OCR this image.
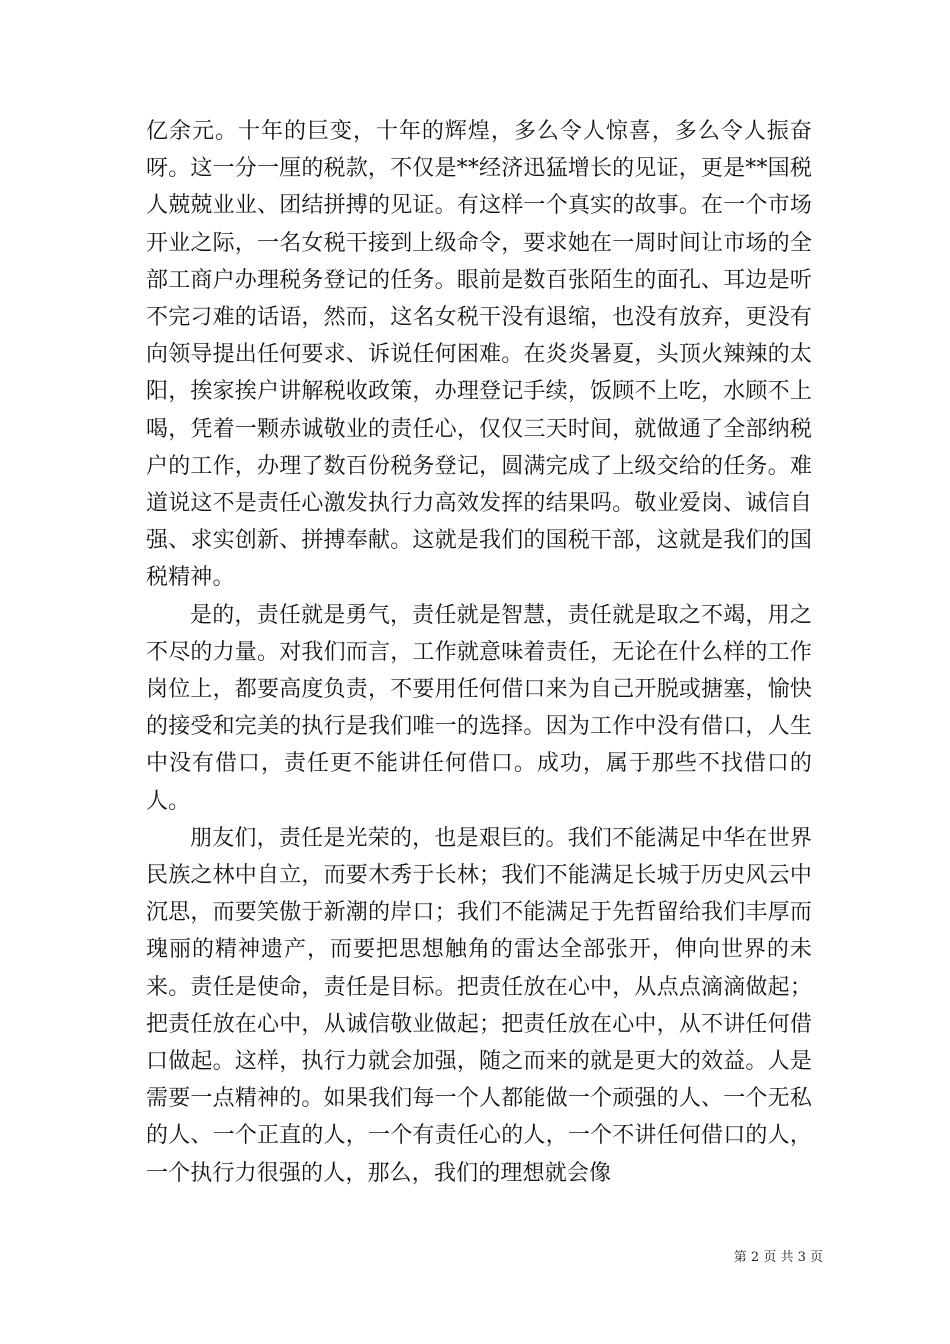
亿余元。十年的巨变，十年的辉煌，多么令人惊喜，多么令人振奋呀。这一分一厘的税款，不仅是**经济迅猛增长的见证，更是**国税人兢兢业业、团结拼搏的见证。有这样一个真实的故事。在一个市场开业之际，一名女税干接到上级命令，要求她在一周时间让市场的全部工商户办理税务登记的任务。眼前是数百张陌生的面孔、耳边是听不完刁难的话语，然而，这名女税干没有退缩，也没有放弃，更没有向领导提出任何要求、诉说任何困难。在炎炎暑夏，头顶火辣辣的太阳，挨家挨户讲解税收政策，办理登记手续，饭顾不上吃，水顾不上喝，凭着一颗赤诚敬业的责任心，仅仅三天时间，就做通了全部纳税户的工作，办理了数百份税务登记，圆满完成了上级交给的任务。难道说这不是责任心激发执行力高效发挥的结果吗。敬业爱岗、诚信自强、求实创新、拼搏奉献。这就是我们的国税干部，这就是我们的国税精神。

是的，责任就是勇气，责任就是智慧，责任就是取之不竭，用之不尽的力量。对我们而言，工作就意味着责任，无论在什么样的工作岗位上，都要高度负责，不要用任何借口来为自己开脱或搪塞，愉快的接受和完美的执行是我们唯一的选择。因为工作中没有借口，人生中没有借口，责任更不能讲任何借口。成功，属于那些不找借口的人。

朋友们，责任是光荣的，也是艰巨的。我们不能满足中华在世界民族之林中自立，而要木秀于长林；我们不能满足长城于历史风云中沉思，而要笑傲于新潮的岸口；我们不能满足于先哲留给我们丰厚而瑰丽的精神遗产，而要把思想触角的雷达全部张开，伸向世界的未来。责任是使命，责任是目标。把责任放在心中，从点点滴滴做起；把责任放在心中，从诚信敬业做起；把责任放在心中，从不讲任何借口做起。这样，执行力就会加强，随之而来的就是更大的效益。人是需要一点精神的。如果我们每一个人都能做一个顽强的人、一个无私的人、一个正直的人，一个有责任心的人，一个不讲任何借口的人，一个执行力很强的人，那么，我们的理想就会像

第 2 页 共 3 页
